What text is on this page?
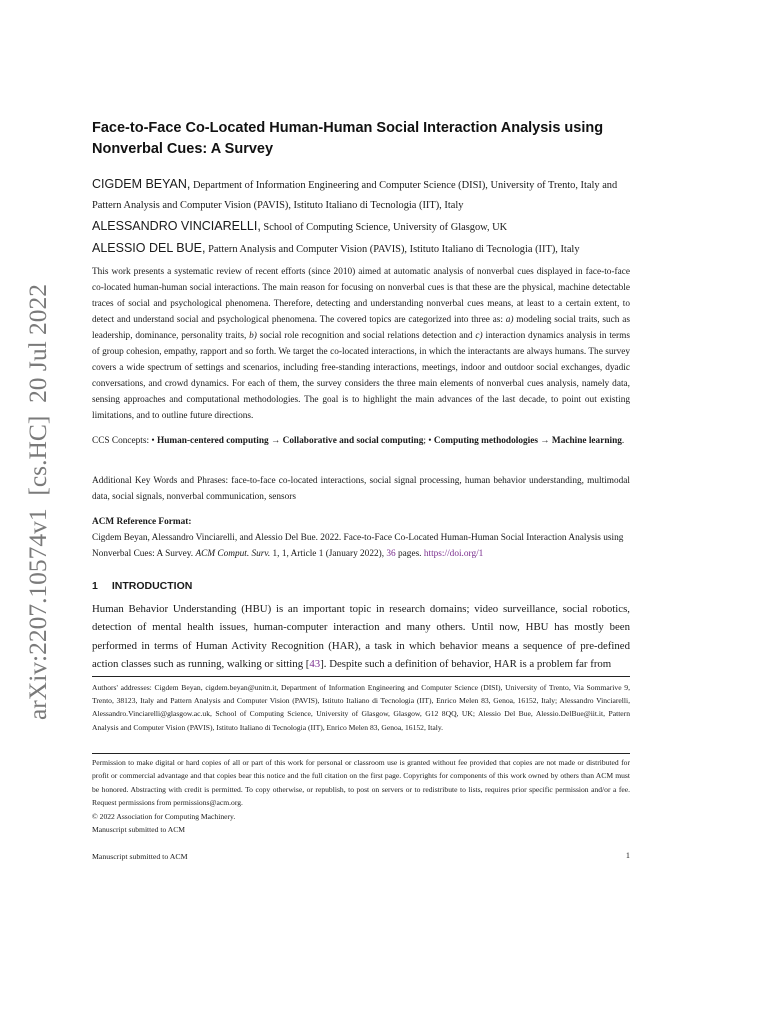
arXiv:2207.10574v1  [cs.HC]  20 Jul 2022
Face-to-Face Co-Located Human-Human Social Interaction Analysis using Nonverbal Cues: A Survey
CIGDEM BEYAN, Department of Information Engineering and Computer Science (DISI), University of Trento, Italy and Pattern Analysis and Computer Vision (PAVIS), Istituto Italiano di Tecnologia (IIT), Italy
ALESSANDRO VINCIARELLI, School of Computing Science, University of Glasgow, UK
ALESSIO DEL BUE, Pattern Analysis and Computer Vision (PAVIS), Istituto Italiano di Tecnologia (IIT), Italy

This work presents a systematic review of recent efforts (since 2010) aimed at automatic analysis of nonverbal cues displayed in face-to-face co-located human-human social interactions. The main reason for focusing on nonverbal cues is that these are the physical, machine detectable traces of social and psychological phenomena. Therefore, detecting and understanding nonverbal cues means, at least to a certain extent, to detect and understand social and psychological phenomena. The covered topics are categorized into three as: a) modeling social traits, such as leadership, dominance, personality traits, b) social role recognition and social relations detection and c) interaction dynamics analysis in terms of group cohesion, empathy, rapport and so forth. We target the co-located interactions, in which the interactants are always humans. The survey covers a wide spectrum of settings and scenarios, including free-standing interactions, meetings, indoor and outdoor social exchanges, dyadic conversations, and crowd dynamics. For each of them, the survey considers the three main elements of nonverbal cues analysis, namely data, sensing approaches and computational methodologies. The goal is to highlight the main advances of the last decade, to point out existing limitations, and to outline future directions.

CCS Concepts: • Human-centered computing → Collaborative and social computing; • Computing methodologies → Machine learning.

Additional Key Words and Phrases: face-to-face co-located interactions, social signal processing, human behavior understanding, multimodal data, social signals, nonverbal communication, sensors

ACM Reference Format:
Cigdem Beyan, Alessandro Vinciarelli, and Alessio Del Bue. 2022. Face-to-Face Co-Located Human-Human Social Interaction Analysis using Nonverbal Cues: A Survey. ACM Comput. Surv. 1, 1, Article 1 (January 2022), 36 pages. https://doi.org/1
1 INTRODUCTION

Human Behavior Understanding (HBU) is an important topic in research domains; video surveillance, social robotics, detection of mental health issues, human-computer interaction and many others. Until now, HBU has mostly been performed in terms of Human Activity Recognition (HAR), a task in which behavior means a sequence of pre-defined action classes such as running, walking or sitting [43]. Despite such a definition of behavior, HAR is a problem far from

Authors' addresses: Cigdem Beyan, cigdem.beyan@unitn.it, Department of Information Engineering and Computer Science (DISI), University of Trento, Via Sommarive 9, Trento, 38123, Italy and Pattern Analysis and Computer Vision (PAVIS), Istituto Italiano di Tecnologia (IIT), Enrico Melen 83, Genoa, 16152, Italy; Alessandro Vinciarelli, Alessandro.Vinciarelli@glasgow.ac.uk, School of Computing Science, University of Glasgow, Glasgow, G12 8QQ, UK; Alessio Del Bue, Alessio.DelBue@iit.it, Pattern Analysis and Computer Vision (PAVIS), Istituto Italiano di Tecnologia (IIT), Enrico Melen 83, Genoa, 16152, Italy.

Permission to make digital or hard copies of all or part of this work for personal or classroom use is granted without fee provided that copies are not made or distributed for profit or commercial advantage and that copies bear this notice and the full citation on the first page. Copyrights for components of this work owned by others than ACM must be honored. Abstracting with credit is permitted. To copy otherwise, or republish, to post on servers or to redistribute to lists, requires prior specific permission and/or a fee. Request permissions from permissions@acm.org.

© 2022 Association for Computing Machinery.

Manuscript submitted to ACM

Manuscript submitted to ACM	1
